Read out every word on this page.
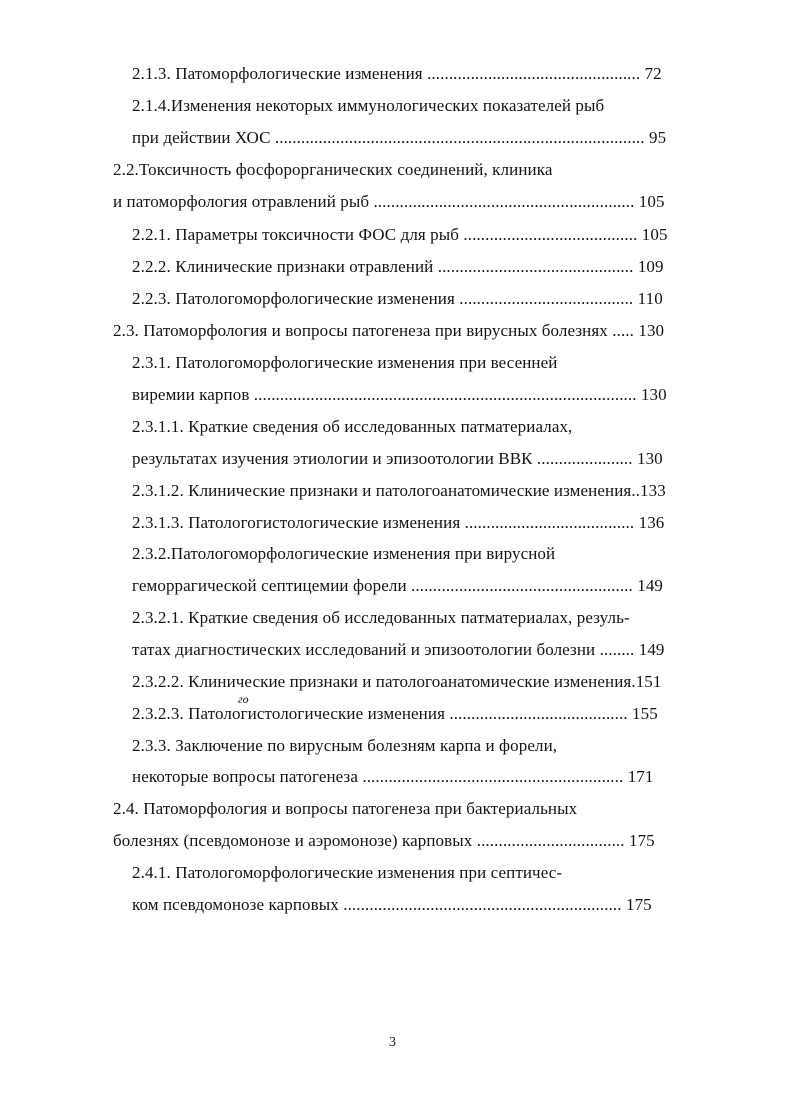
2.1.3. Патоморфологические изменения ................................................. 72
2.1.4.Изменения некоторых иммунологических показателей рыб
при действии ХОС ..................................................................................... 95
2.2.Токсичность фосфорорганических соединений, клиника
и патоморфология отравлений рыб ............................................................ 105
2.2.1. Параметры токсичности ФОС для рыб ........................................ 105
2.2.2. Клинические признаки отравлений ............................................. 109
2.2.3. Патологоморфологические изменения ........................................ 110
2.3. Патоморфология и вопросы патогенеза при вирусных болезнях ..... 130
2.3.1. Патологоморфологические изменения при весенней
виремии карпов ........................................................................................ 130
2.3.1.1. Краткие сведения об исследованных патматериалах,
результатах изучения этиологии и эпизоотологии ВВК ...................... 130
2.3.1.2. Клинические признаки и патологоанатомические изменения..133
2.3.1.3. Патологогистологические изменения ....................................... 136
2.3.2.Патологоморфологические изменения при вирусной
геморрагической септицемии форели ................................................... 149
2.3.2.1. Краткие сведения об исследованных патматериалах, резуль-
татах диагностических исследований и эпизоотологии болезни ........ 149
2.3.2.2. Клинические признаки и патологоанатомические изменения.151
2.3.2.3. Патологистологические изменения ......................................... 155
го
2.3.3. Заключение по вирусным болезням карпа и форели,
некоторые вопросы патогенеза ............................................................ 171
2.4. Патоморфология и вопросы патогенеза при бактериальных
болезнях (псевдомонозе и аэромонозе) карповых .................................. 175
2.4.1. Патологоморфологические изменения при септичес-
ком псевдомонозе карповых ................................................................ 175
3
